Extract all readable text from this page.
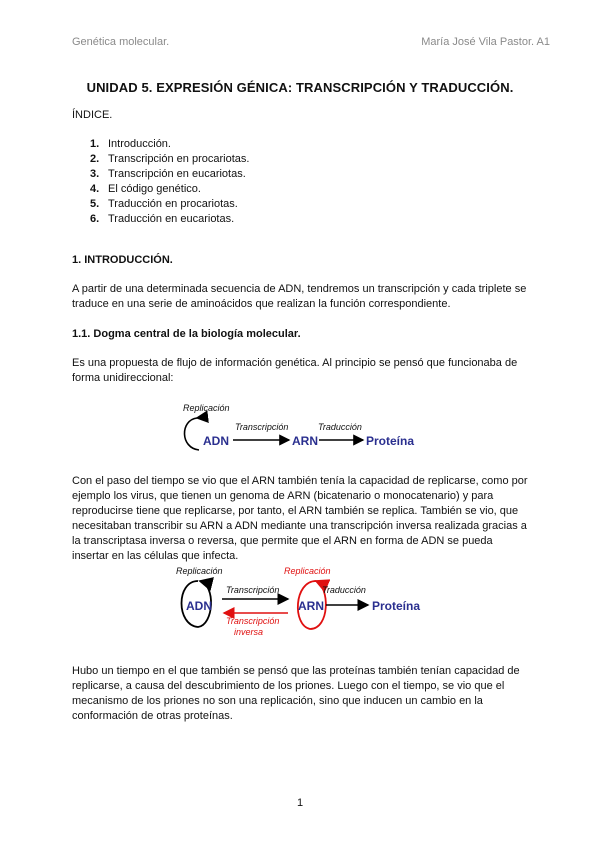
Genética molecular.	María José Vila Pastor. A1
UNIDAD 5. EXPRESIÓN GÉNICA: TRANSCRIPCIÓN Y TRADUCCIÓN.
ÍNDICE.
1. Introducción.
2. Transcripción en procariotas.
3. Transcripción en eucariotas.
4. El código genético.
5. Traducción en procariotas.
6. Traducción en eucariotas.
1. INTRODUCCIÓN.

A partir de una determinada secuencia de ADN, tendremos un transcripción y cada triplete se traduce en una serie de aminoácidos que realizan la función correspondiente.

1.1. Dogma central de la biología molecular.

Es una propuesta de flujo de información genética. Al principio se pensó que funcionaba de forma unidireccional:

Replicación
ADN
Transcripción
ARN
Traducción
Proteína

Con el paso del tiempo se vio que el ARN también tenía la capacidad de replicarse, como por ejemplo los virus, que tienen un genoma de ARN (bicatenario o monocatenario) y para reproducirse tiene que replicarse, por tanto, el ARN también se replica. También se vio, que necesitaban transcribir su ARN a ADN mediante una transcripción inversa realizada gracias a la transcriptasa inversa o reversa, que permite que el ARN en forma de ADN se pueda insertar en las células que infecta.

Replicación
ADN
Transcripción
Transcripción
inversa
Replicación
ARN
Traducción
Proteína

Hubo un tiempo en el que también se pensó que las proteínas también tenían capacidad de replicarse, a causa del descubrimiento de los priones. Luego con el tiempo, se vio que el mecanismo de los priones no son una replicación, sino que inducen un cambio en la conformación de otras proteínas.

1
